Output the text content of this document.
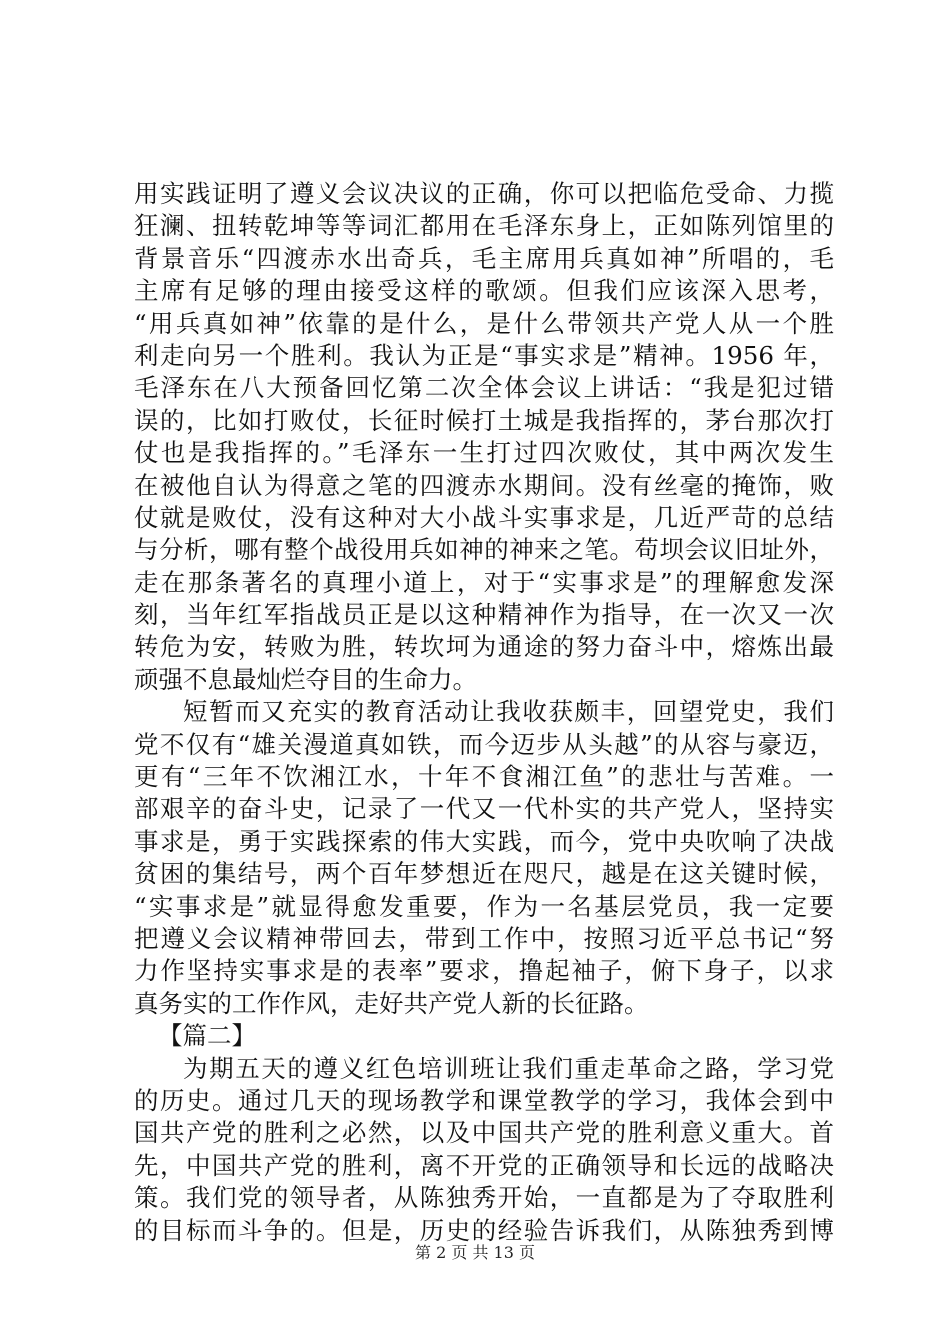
用实践证明了遵义会议决议的正确，你可以把临危受命、力揽
狂澜、扭转乾坤等等词汇都用在毛泽东身上，正如陈列馆里的
背景音乐“四渡赤水出奇兵，毛主席用兵真如神”所唱的，毛
主席有足够的理由接受这样的歌颂。但我们应该深入思考，
“用兵真如神”依靠的是什么，是什么带领共产党人从一个胜
利走向另一个胜利。我认为正是“事实求是”精神。1956 年，
毛泽东在八大预备回忆第二次全体会议上讲话：“我是犯过错
误的，比如打败仗，长征时候打土城是我指挥的，茅台那次打
仗也是我指挥的。”毛泽东一生打过四次败仗，其中两次发生
在被他自认为得意之笔的四渡赤水期间。没有丝毫的掩饰，败
仗就是败仗，没有这种对大小战斗实事求是，几近严苛的总结
与分析，哪有整个战役用兵如神的神来之笔。苟坝会议旧址外，
走在那条著名的真理小道上，对于“实事求是”的理解愈发深
刻，当年红军指战员正是以这种精神作为指导，在一次又一次
转危为安，转败为胜，转坎坷为通途的努力奋斗中，熔炼出最
顽强不息最灿烂夺目的生命力。
短暂而又充实的教育活动让我收获颇丰，回望党史，我们
党不仅有“雄关漫道真如铁，而今迈步从头越”的从容与豪迈，
更有“三年不饮湘江水，十年不食湘江鱼”的悲壮与苦难。一
部艰辛的奋斗史，记录了一代又一代朴实的共产党人，坚持实
事求是，勇于实践探索的伟大实践，而今，党中央吹响了决战
贫困的集结号，两个百年梦想近在咫尺，越是在这关键时候，
“实事求是”就显得愈发重要，作为一名基层党员，我一定要
把遵义会议精神带回去，带到工作中，按照习近平总书记“努
力作坚持实事求是的表率”要求，撸起袖子，俯下身子，以求
真务实的工作作风，走好共产党人新的长征路。
【篇二】
为期五天的遵义红色培训班让我们重走革命之路，学习党
的历史。通过几天的现场教学和课堂教学的学习，我体会到中
国共产党的胜利之必然，以及中国共产党的胜利意义重大。首
先，中国共产党的胜利，离不开党的正确领导和长远的战略决
策。我们党的领导者，从陈独秀开始，一直都是为了夺取胜利
的目标而斗争的。但是，历史的经验告诉我们，从陈独秀到博
第 2 页 共 13 页
